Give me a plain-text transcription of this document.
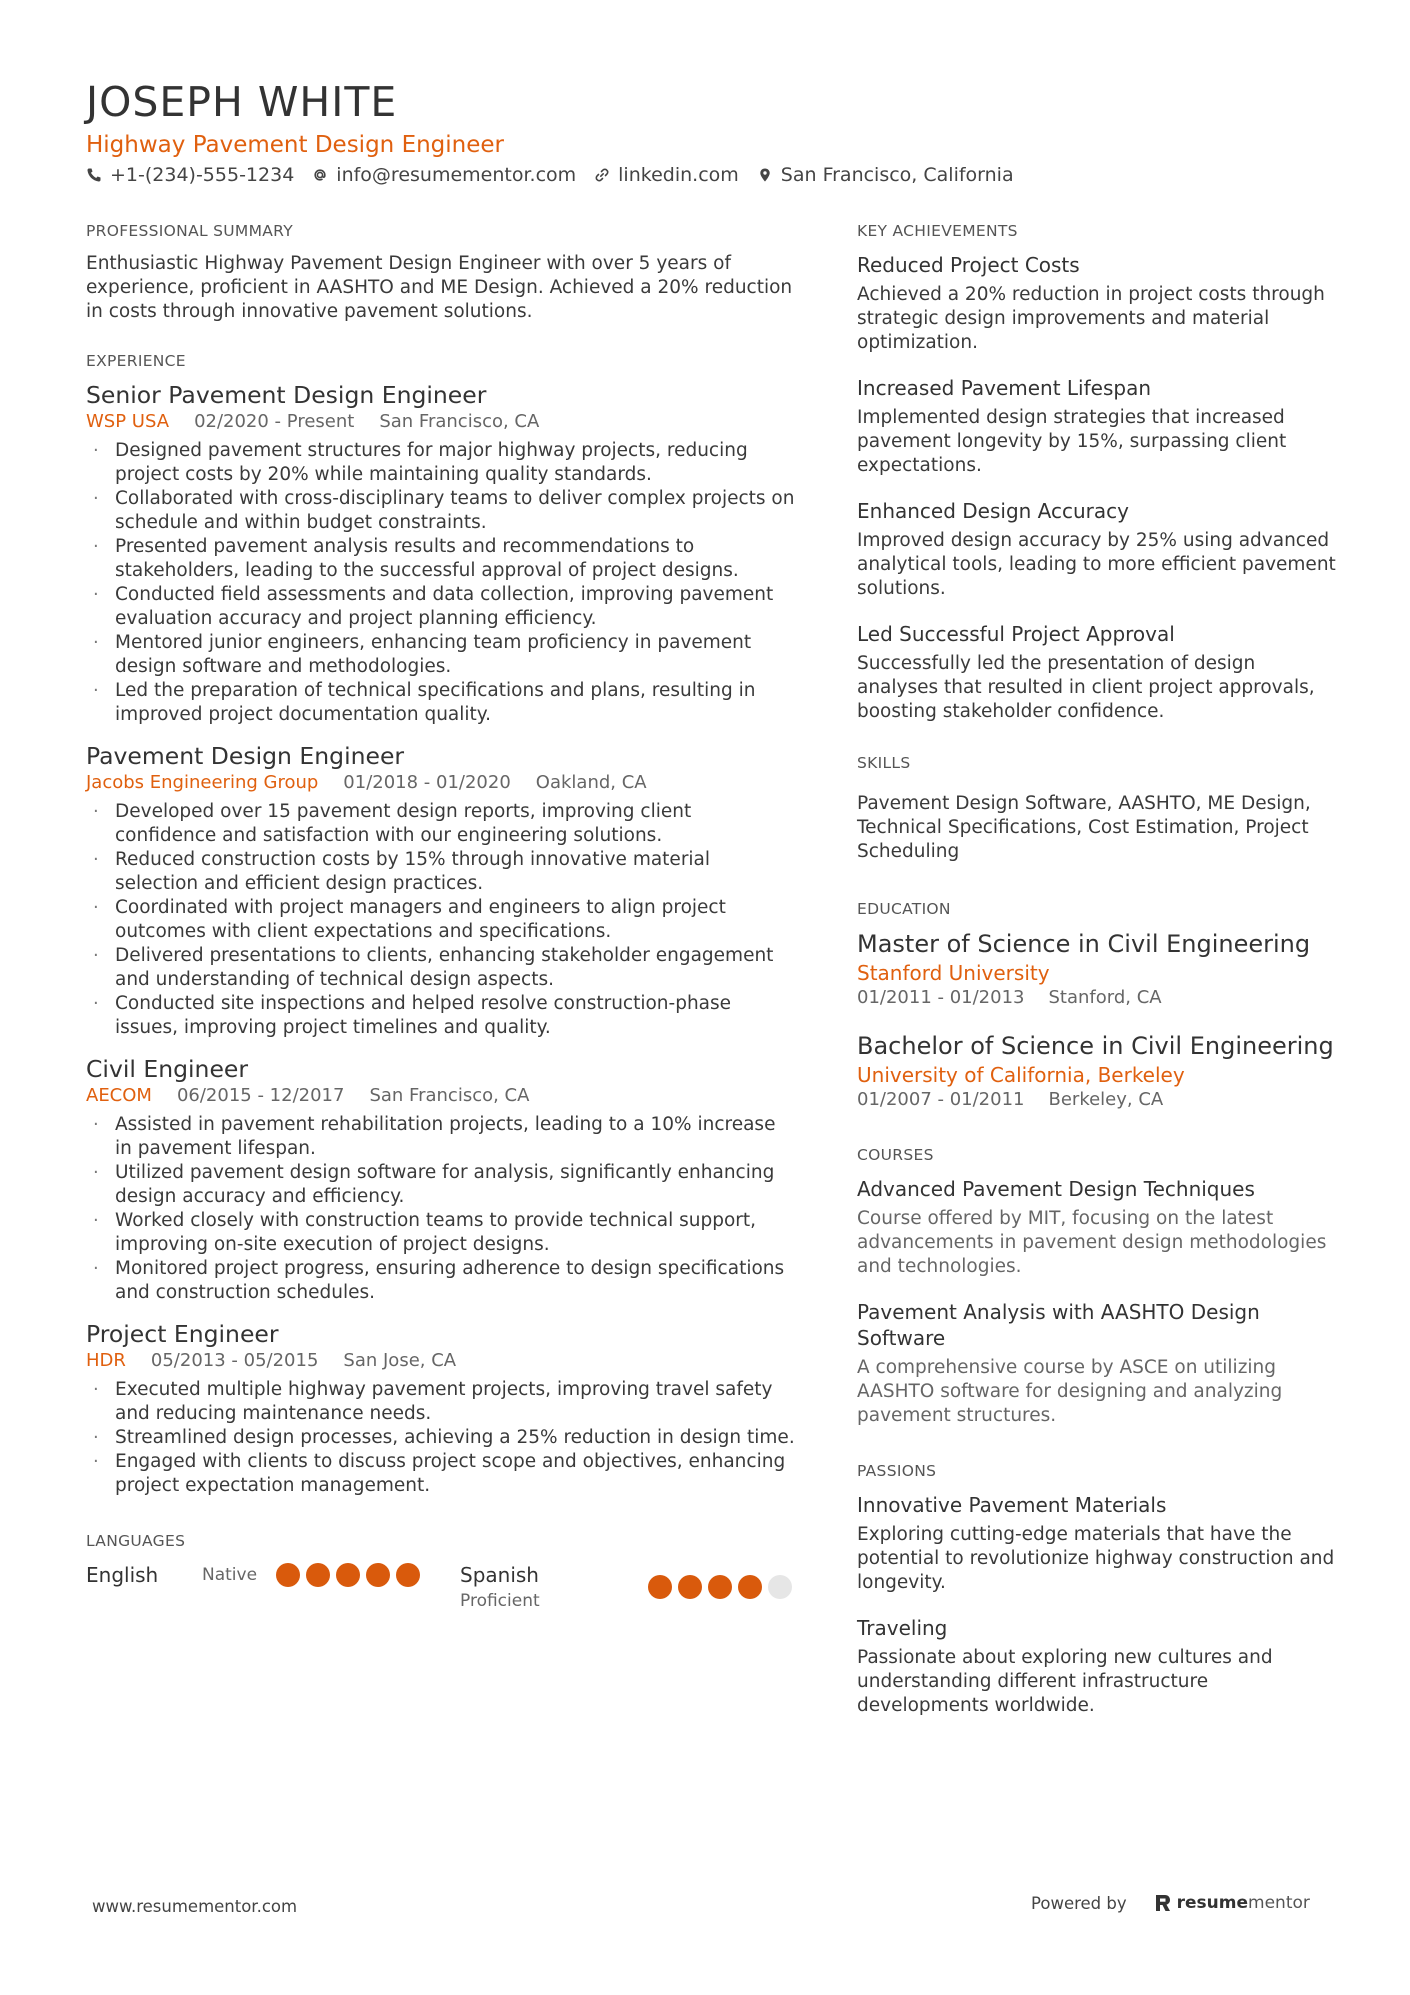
JOSEPH WHITE
Highway Pavement Design Engineer
+1-(234)-555-1234 info@resumementor.com linkedin.com San Francisco, California
PROFESSIONAL SUMMARY

Enthusiastic Highway Pavement Design Engineer with over 5 years of experience, proficient in AASHTO and ME Design. Achieved a 20% reduction in costs through innovative pavement solutions.

EXPERIENCE
Senior Pavement Design Engineer
WSP USA 02/2020 - Present San Francisco, CA
· Designed pavement structures for major highway projects, reducing project costs by 20% while maintaining quality standards.
· Collaborated with cross-disciplinary teams to deliver complex projects on schedule and within budget constraints.
· Presented pavement analysis results and recommendations to stakeholders, leading to the successful approval of project designs.
· Conducted field assessments and data collection, improving pavement evaluation accuracy and project planning efficiency.
· Mentored junior engineers, enhancing team proficiency in pavement design software and methodologies.
· Led the preparation of technical specifications and plans, resulting in improved project documentation quality.
Pavement Design Engineer
Jacobs Engineering Group 01/2018 - 01/2020 Oakland, CA
· Developed over 15 pavement design reports, improving client confidence and satisfaction with our engineering solutions.
· Reduced construction costs by 15% through innovative material selection and efficient design practices.
· Coordinated with project managers and engineers to align project outcomes with client expectations and specifications.
· Delivered presentations to clients, enhancing stakeholder engagement and understanding of technical design aspects.
· Conducted site inspections and helped resolve construction-phase issues, improving project timelines and quality.
Civil Engineer
AECOM 06/2015 - 12/2017 San Francisco, CA
· Assisted in pavement rehabilitation projects, leading to a 10% increase in pavement lifespan.
· Utilized pavement design software for analysis, significantly enhancing design accuracy and efficiency.
· Worked closely with construction teams to provide technical support, improving on-site execution of project designs.
· Monitored project progress, ensuring adherence to design specifications and construction schedules.
Project Engineer
HDR 05/2013 - 05/2015 San Jose, CA
· Executed multiple highway pavement projects, improving travel safety and reducing maintenance needs.
· Streamlined design processes, achieving a 25% reduction in design time.
· Engaged with clients to discuss project scope and objectives, enhancing project expectation management.
LANGUAGES
English	Native	Spanish
Proficient
KEY ACHIEVEMENTS
Reduced Project Costs
Achieved a 20% reduction in project costs through strategic design improvements and material optimization.
Increased Pavement Lifespan
Implemented design strategies that increased pavement longevity by 15%, surpassing client expectations.
Enhanced Design Accuracy
Improved design accuracy by 25% using advanced analytical tools, leading to more efficient pavement solutions.
Led Successful Project Approval
Successfully led the presentation of design analyses that resulted in client project approvals, boosting stakeholder confidence.
SKILLS
Pavement Design Software, AASHTO, ME Design, Technical Specifications, Cost Estimation, Project Scheduling
EDUCATION
Master of Science in Civil Engineering
Stanford University
01/2011 - 01/2013 Stanford, CA
Bachelor of Science in Civil Engineering
University of California, Berkeley
01/2007 - 01/2011 Berkeley, CA
COURSES
Advanced Pavement Design Techniques
Course offered by MIT, focusing on the latest advancements in pavement design methodologies and technologies.
Pavement Analysis with AASHTO Design Software
A comprehensive course by ASCE on utilizing AASHTO software for designing and analyzing pavement structures.
PASSIONS
Innovative Pavement Materials
Exploring cutting-edge materials that have the potential to revolutionize highway construction and longevity.
Traveling
Passionate about exploring new cultures and understanding different infrastructure developments worldwide.
www.resumementor.com	Powered by	resumementor
